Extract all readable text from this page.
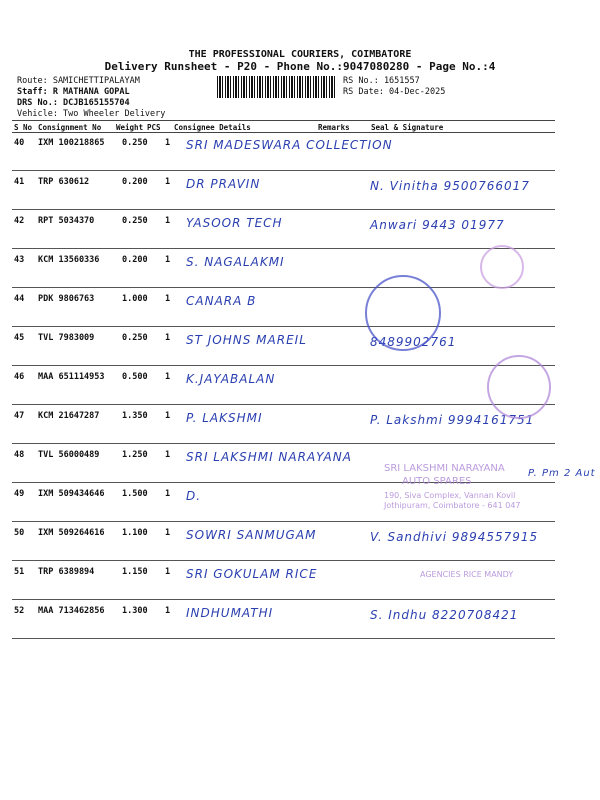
THE PROFESSIONAL COURIERS, COIMBATORE
Delivery Runsheet - P20 - Phone No.:9047080280 - Page No.:4
Route: SAMICHETTIPALAYAM
Staff: R MATHANA GOPAL
DRS No.: DCJB165155704
Vehicle: Two Wheeler Delivery
RS No.: 1651557
RS Date: 04-Dec-2025
S No Consignment No Weight PCS Consignee Details	Remarks	Seal & Signature
40 IXM 100218865 0.250 1 SRI MADESWARA COLLECTION
41 TRP 630612	0.200 1 DR PRAVIN	N. Vinitha 9500766017
42 RPT 5034370	0.250 1 YASOOR TECH	Anwari 9443 01977
43 KCM 13560336	0.200 1 S. NAGALAKMI
44 PDK 9806763	1.000 1 CANARA B
45 TVL 7983009	0.250 1 ST JOHNS MAREIL	8489902761
46 MAA 651114953 0.500 1 K.JAYABALAN
47 KCM 21647287	1.350 1 P. LAKSHMI	P. Lakshmi 9994161751
48 TVL 56000489	1.250 1 SRI LAKSHMI NARAYANA
49 IXM 509434646 1.500 1 D.
50 IXM 509264616 1.100 1 SOWRI SANMUGAM	V. Sandhivi 9894557915
51 TRP 6389894	1.150 1 SRI GOKULAM RICE
52 MAA 713462856 1.300 1 INDHUMATHI	S. Indhu 8220708421
SRI LAKSHMI NARAYANA
AUTO SPARES
190, Siva Complex, Vannan Kovil
Jothipuram, Coimbatore - 641 047
AGENCIES RICE MANDY
P. Pm 2 Aut
